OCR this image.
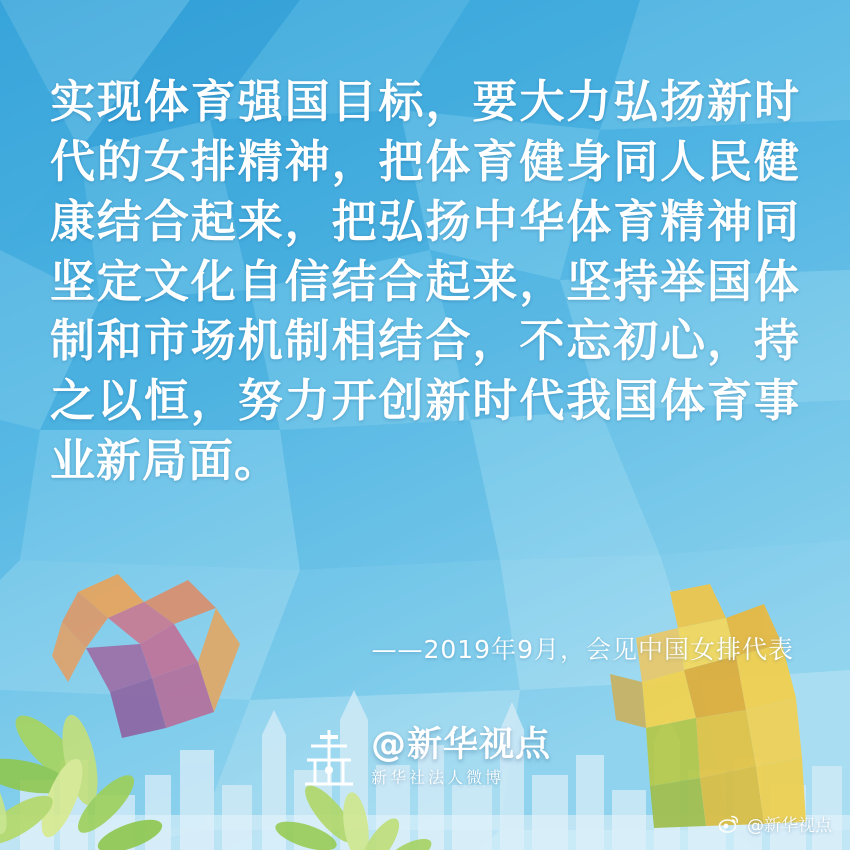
实现体育强国目标，要大力弘扬新时代的女排精神，把体育健身同人民健康结合起来，把弘扬中华体育精神同坚定文化自信结合起来，坚持举国体制和市场机制相结合，不忘初心，持之以恒，努力开创新时代我国体育事业新局面。
——2019年9月，会见中国女排代表
@新华视点
新华社法人微博
@新华视点
